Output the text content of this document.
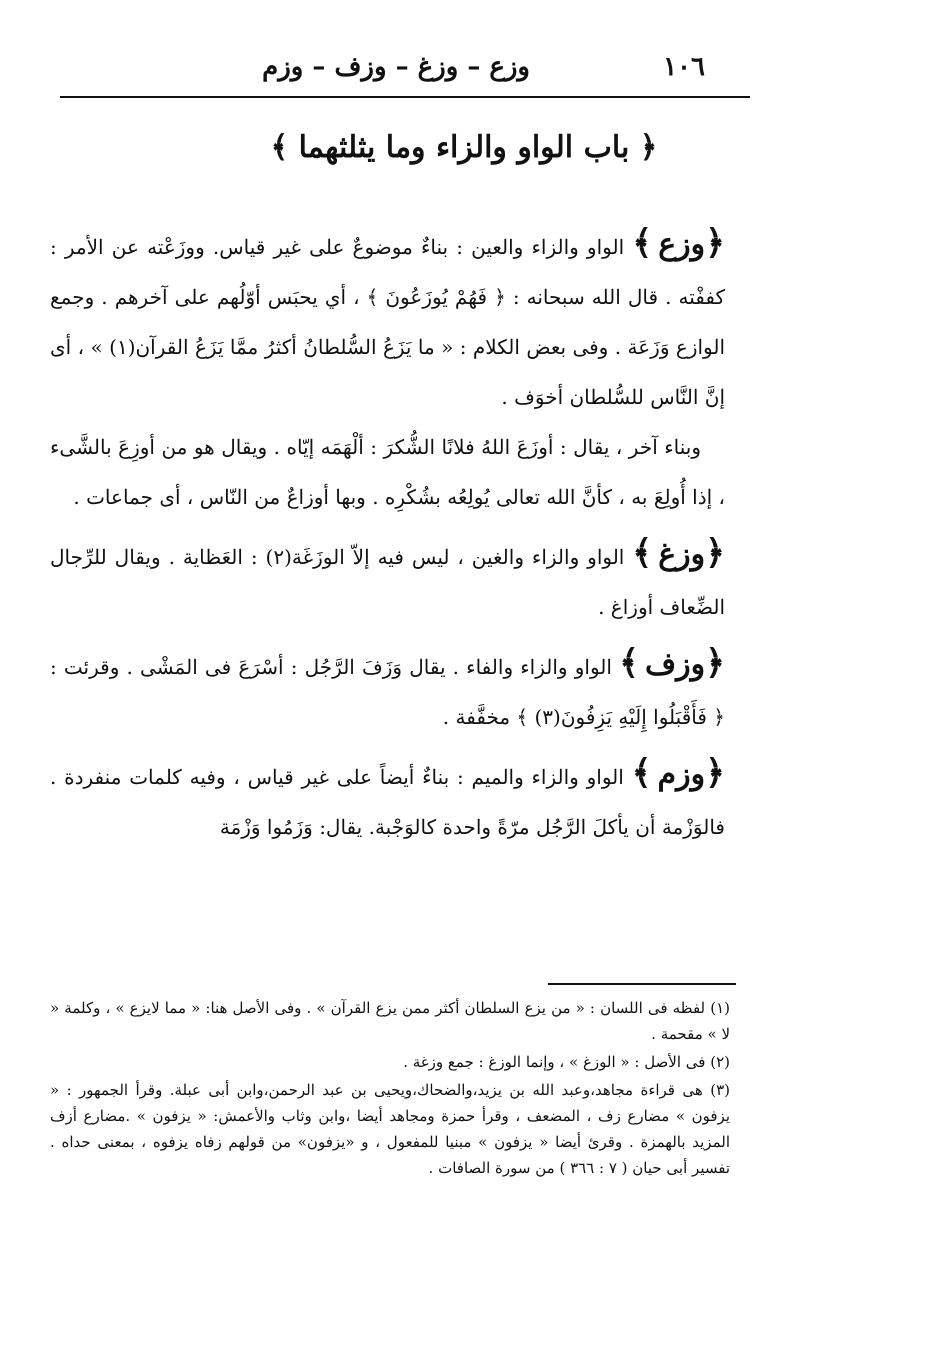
١٠٦
وزع – وزغ – وزف – وزم
﴿ باب الواو والزاء وما يثلثهما ﴾

﴿وزع﴾ الواو والزاء والعين : بناءٌ موضوعٌ على غير قياس. ووزَعْته عن الأمر : كففْته . قال الله سبحانه : ﴿ فَهُمْ يُوزَعُونَ ﴾ ، أي يحبَس أوّلُهم على آخرهم . وجمع الوازع وَزَعَة . وفى بعض الكلام : « ما يَزَعُ السُّلطانُ أكثرُ ممَّا يَزَعُ القرآن(١) » ، أى إنَّ النَّاس للسُّلطان أخوَف .

وبناء آخر ، يقال : أوزَعَ اللهُ فلانًا الشُّكرَ : ألْهَمَه إيّاه . ويقال هو من أوزِعَ بالشَّىء ، إذا أُولِعَ به ، كأنَّ الله تعالى يُولِعُه بشُكْرِه . وبها أوزاعٌ من النّاس ، أى جماعات .

﴿وزغ﴾ الواو والزاء والغين ، ليس فيه إلاّ الوزَغَة(٢) : العَظاية . ويقال للرِّجال الضِّعاف أوزاغ .

﴿وزف﴾ الواو والزاء والفاء . يقال وَزَفَ الرَّجُل : أسْرَعَ فى المَشْى . وقرئت : ﴿ فَأَقْبَلُوا إِلَيْهِ يَزِفُونَ(٣) ﴾ مخفَّفة .

﴿وزم﴾ الواو والزاء والميم : بناءٌ أيضاً على غير قياس ، وفيه كلمات منفردة . فالوَزْمة أن يأكلَ الرَّجُل مرّةً واحدة كالوَجْبة. يقال: وَزَمُوا وَزْمَة

(١) لفظه فى اللسان : « من يزع السلطان أكثر ممن يزع القرآن » . وفى الأصل هنا: « مما لايزع » ، وكلمة « لا » مقحمة .

(٢) فى الأصل : « الوزغ » ، وإنما الوزغ : جمع وزغة .

(٣) هى قراءة مجاهد،وعبد الله بن يزيد،والضحاك،ويحيى بن عبد الرحمن،وابن أبى عبلة. وقرأ الجمهور : « يزفون » مضارع زف ، المضعف ، وقرأ حمزة ومجاهد أيضا ،وابن وثاب والأعمش: « يزفون » .مضارع أزف المزيد بالهمزة . وقرئ أيضا « يزفون » مبنيا للمفعول ، و «يزفون» من قولهم زفاه يزفوه ، بمعنى حداه . تفسير أبى حيان ( ٧ : ٣٦٦ ) من سورة الصافات .
